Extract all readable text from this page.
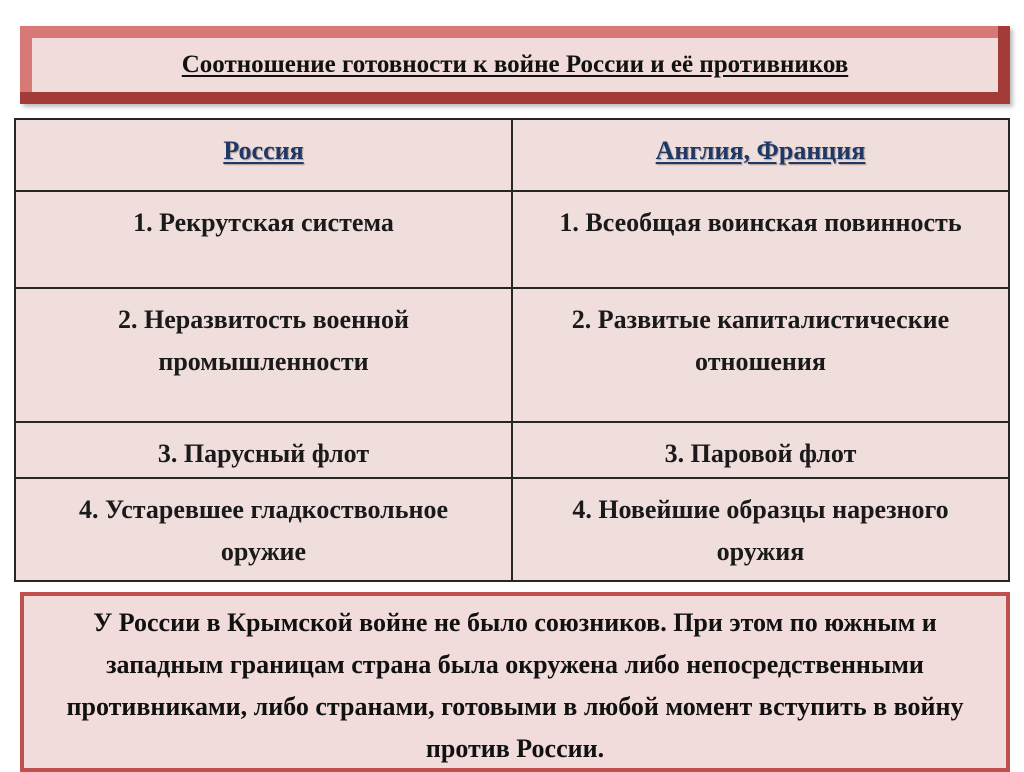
Соотношение готовности к войне России и её противников
Россия	Англия, Франция
1. Рекрутская система	1. Всеобщая воинская повинность
2. Неразвитость военной промышленности	2. Развитые капиталистические отношения
3. Парусный флот	3. Паровой флот
4. Устаревшее гладкоствольное оружие	4. Новейшие образцы нарезного оружия
У России в Крымской войне не было союзников. При этом по южным и западным границам страна была окружена либо непосредственными противниками, либо странами, готовыми в любой момент вступить в войну против России.
